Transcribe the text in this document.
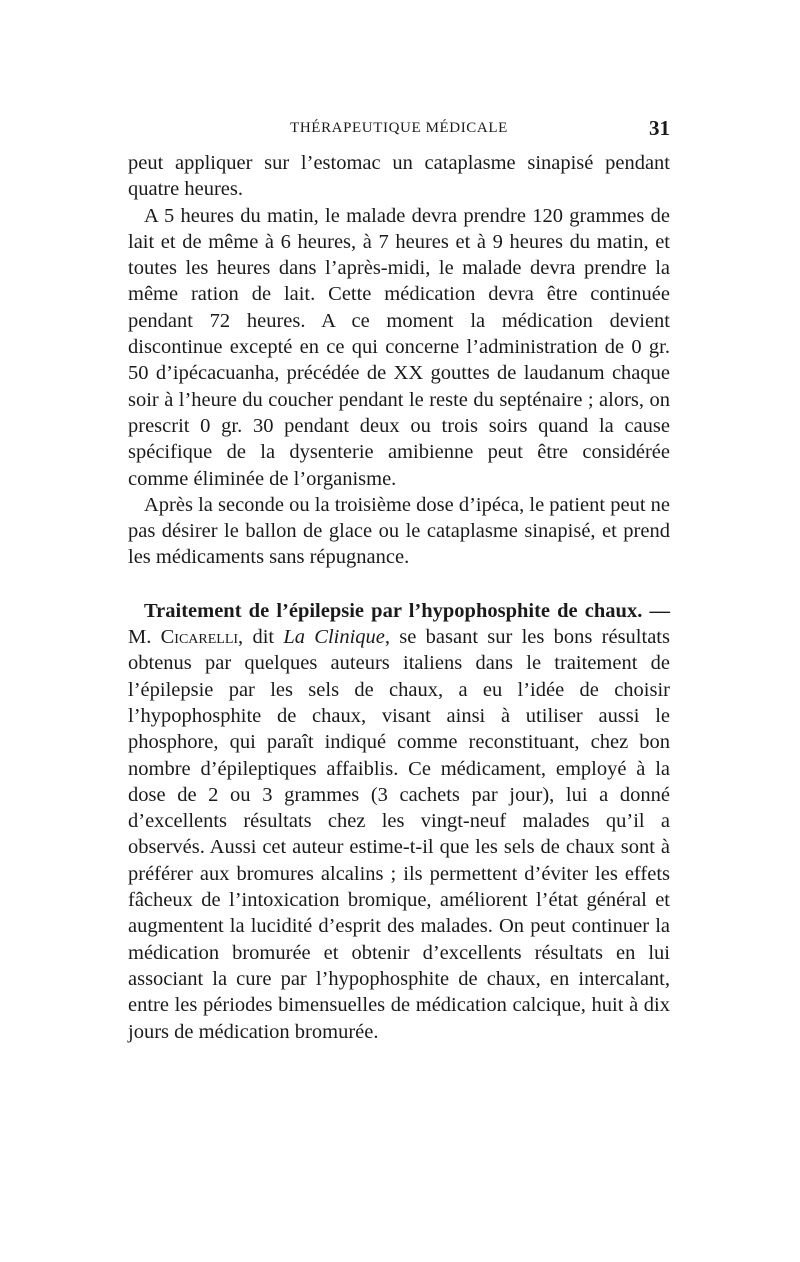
THÉRAPEUTIQUE MÉDICALE	31

peut appliquer sur l’estomac un cataplasme sinapisé pendant quatre heures.

A 5 heures du matin, le malade devra prendre 120 grammes de lait et de même à 6 heures, à 7 heures et à 9 heures du matin, et toutes les heures dans l’après-midi, le malade devra prendre la même ration de lait. Cette médication devra être continuée pendant 72 heures. A ce moment la médication devient discontinue excepté en ce qui concerne l’administration de 0 gr. 50 d’ipécacuanha, précédée de XX gouttes de laudanum chaque soir à l’heure du coucher pendant le reste du septénaire ; alors, on prescrit 0 gr. 30 pendant deux ou trois soirs quand la cause spécifique de la dysenterie amibienne peut être considérée comme éliminée de l’organisme.

Après la seconde ou la troisième dose d’ipéca, le patient peut ne pas désirer le ballon de glace ou le cataplasme sinapisé, et prend les médicaments sans répugnance.

Traitement de l’épilepsie par l’hypophosphite de chaux. — M. Cicarelli, dit La Clinique, se basant sur les bons résultats obtenus par quelques auteurs italiens dans le traitement de l’épilepsie par les sels de chaux, a eu l’idée de choisir l’hypophosphite de chaux, visant ainsi à utiliser aussi le phosphore, qui paraît indiqué comme reconstituant, chez bon nombre d’épileptiques affaiblis. Ce médicament, employé à la dose de 2 ou 3 grammes (3 cachets par jour), lui a donné d’excellents résultats chez les vingt-neuf malades qu’il a observés. Aussi cet auteur estime-t-il que les sels de chaux sont à préférer aux bromures alcalins ; ils permettent d’éviter les effets fâcheux de l’intoxication bromique, améliorent l’état général et augmentent la lucidité d’esprit des malades. On peut continuer la médication bromurée et obtenir d’excellents résultats en lui associant la cure par l’hypophosphite de chaux, en intercalant, entre les périodes bimensuelles de médication calcique, huit à dix jours de médication bromurée.
